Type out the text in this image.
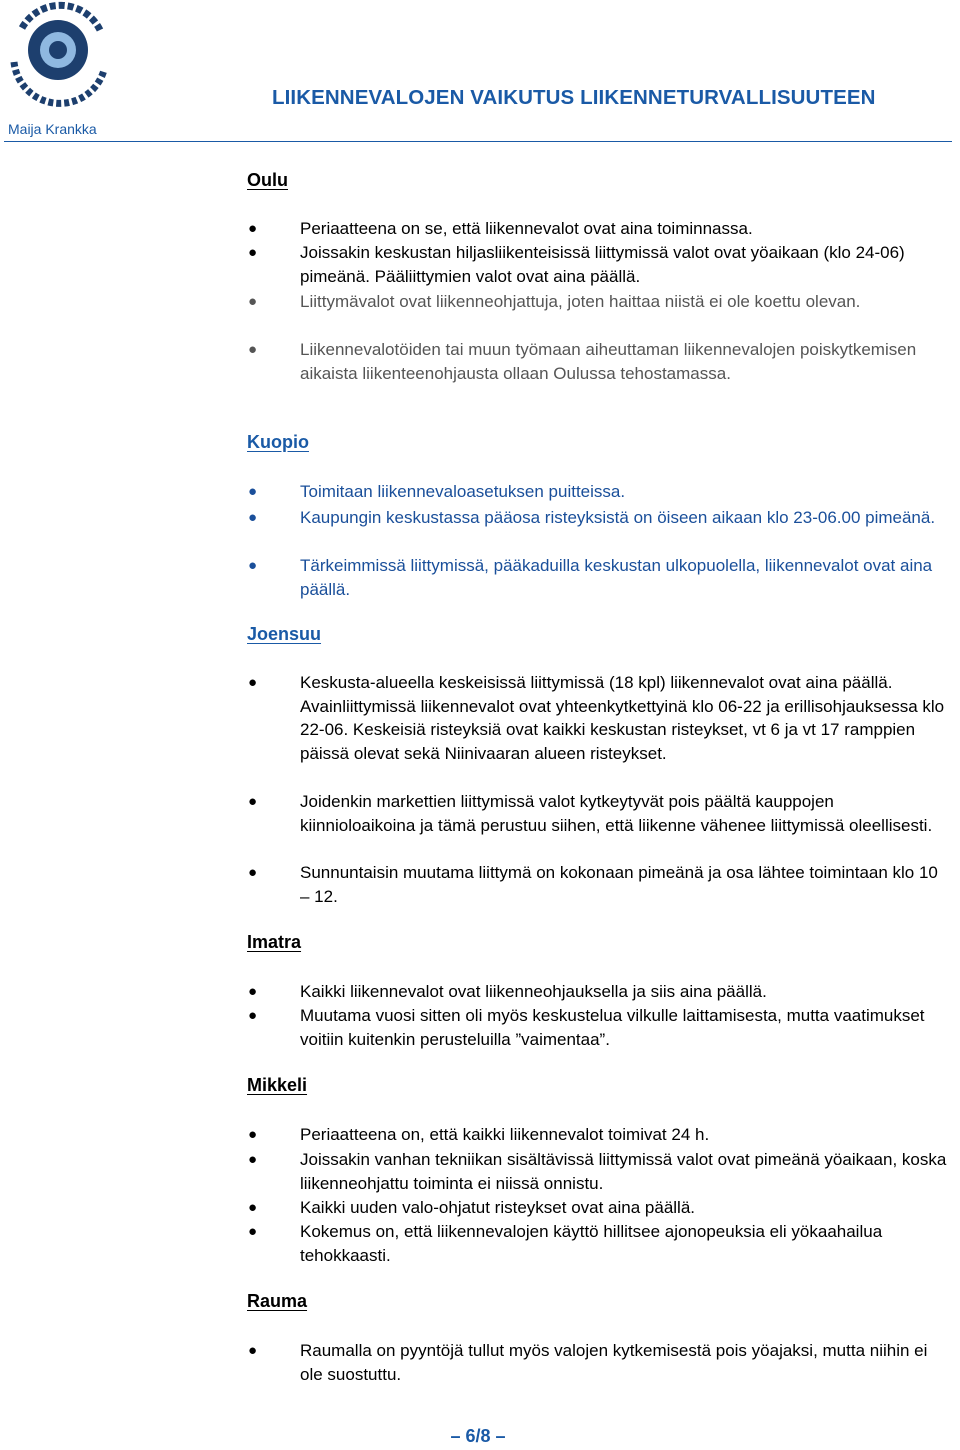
LIIKENNEVALOJEN VAIKUTUS LIIKENNETURVALLISUUTEEN
Maija Krankka
Oulu
●	Periaatteena on se, että liikennevalot ovat aina toiminnassa.
●	Joissakin keskustan hiljasliikenteisissä liittymissä valot ovat yöaikaan (klo 24-06) pimeänä. Pääliittymien valot ovat aina päällä.
●	Liittymävalot ovat liikenneohjattuja, joten haittaa niistä ei ole koettu olevan.
●	Liikennevalotöiden tai muun työmaan aiheuttaman liikennevalojen poiskytkemisen aikaista liikenteenohjausta ollaan Oulussa tehostamassa.
Kuopio
●	Toimitaan liikennevaloasetuksen puitteissa.
●	Kaupungin keskustassa pääosa risteyksistä on öiseen aikaan klo 23-06.00 pimeänä.
●	Tärkeimmissä liittymissä, pääkaduilla keskustan ulkopuolella, liikennevalot ovat aina päällä.
Joensuu
●	Keskusta-alueella keskeisissä liittymissä (18 kpl) liikennevalot ovat aina päällä. Avainliittymissä liikennevalot ovat yhteenkytkettyinä klo 06-22 ja erillisohjauksessa klo 22-06. Keskeisiä risteyksiä ovat kaikki keskustan risteykset, vt 6 ja vt 17 ramppien päissä olevat sekä Niinivaaran alueen risteykset.
●	Joidenkin markettien liittymissä valot kytkeytyvät pois päältä kauppojen kiinnioloaikoina ja tämä perustuu siihen, että liikenne vähenee liittymissä oleellisesti.
●	Sunnuntaisin muutama liittymä on kokonaan pimeänä ja osa lähtee toimintaan klo 10 – 12.
Imatra
●	Kaikki liikennevalot ovat liikenneohjauksella ja siis aina päällä.
●	Muutama vuosi sitten oli myös keskustelua vilkulle laittamisesta, mutta vaatimukset voitiin kuitenkin perusteluilla ”vaimentaa”.
Mikkeli
●	Periaatteena on, että kaikki liikennevalot toimivat 24 h.
●	Joissakin vanhan tekniikan sisältävissä liittymissä valot ovat pimeänä yöaikaan, koska liikenneohjattu toiminta ei niissä onnistu.
●	Kaikki uuden valo-ohjatut risteykset ovat aina päällä.
●	Kokemus on, että liikennevalojen käyttö hillitsee ajonopeuksia eli yökaahailua tehokkaasti.
Rauma
●	Raumalla on pyyntöjä tullut myös valojen kytkemisestä pois yöajaksi, mutta niihin ei ole suostuttu.
– 6/8 –
